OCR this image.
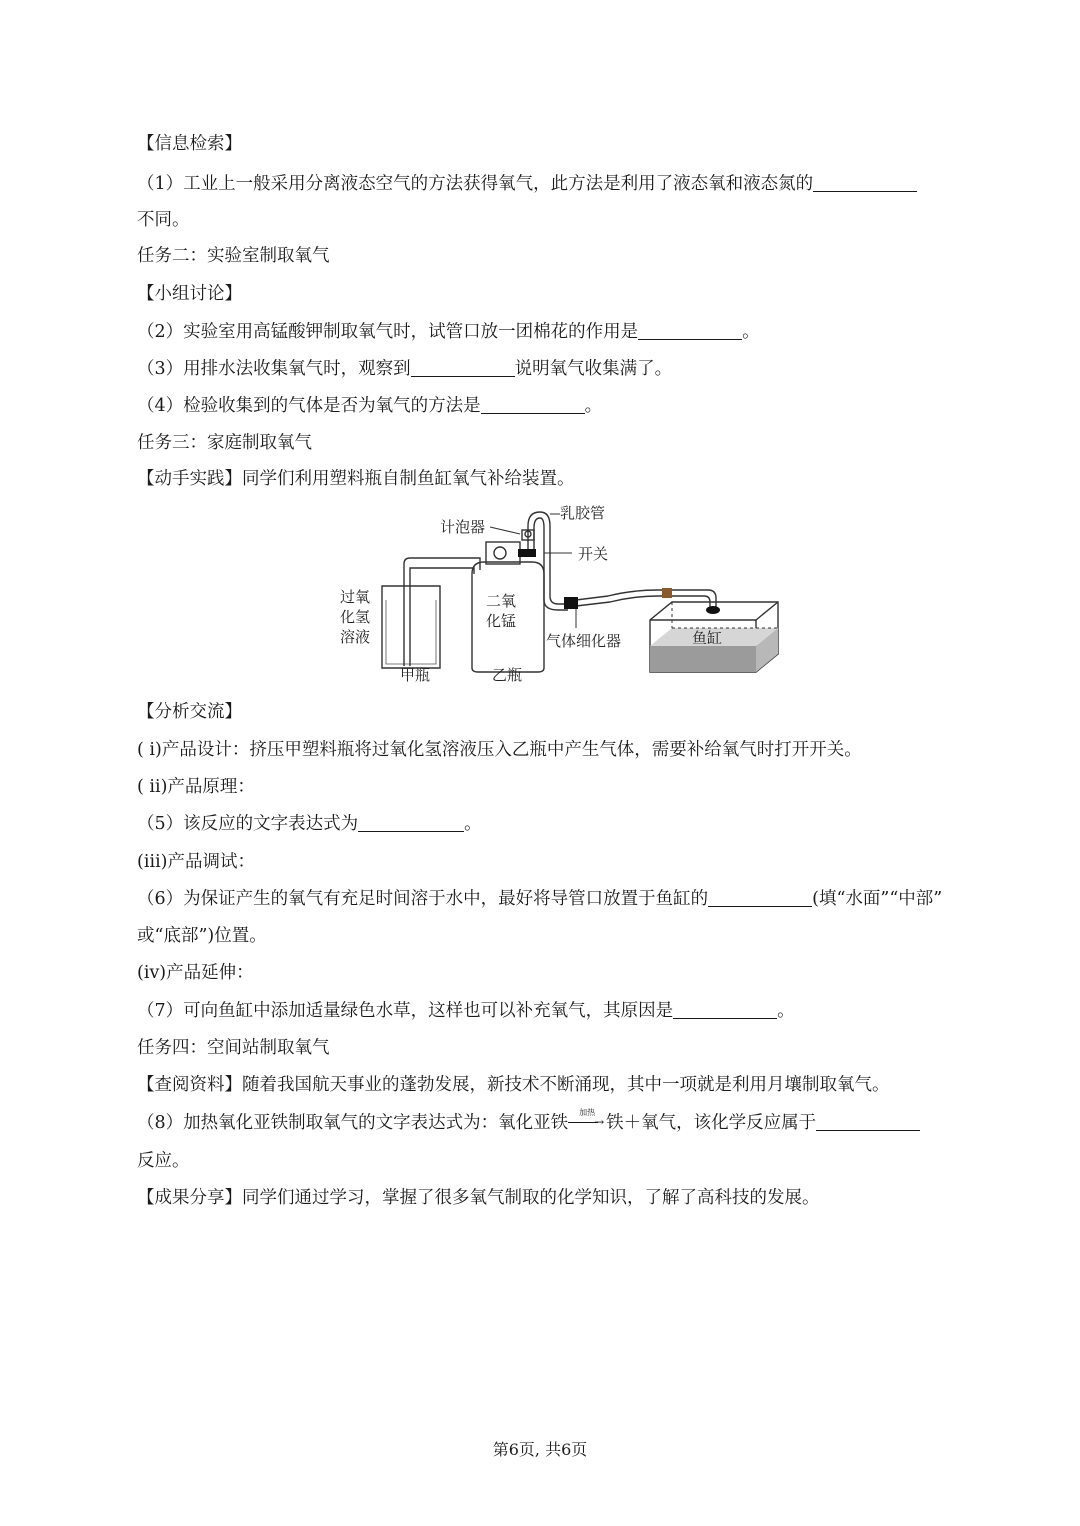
【信息检索】
（1）工业上一般采用分离液态空气的方法获得氧气，此方法是利用了液态氧和液态氮的
不同。
任务二：实验室制取氧气
【小组讨论】
（2）实验室用高锰酸钾制取氧气时，试管口放一团棉花的作用是	。
（3）用排水法收集氧气时，观察到	说明氧气收集满了。
（4）检验收集到的气体是否为氧气的方法是	。
任务三：家庭制取氧气
【动手实践】同学们利用塑料瓶自制鱼缸氧气补给装置。
计泡器
乳胶管
开关
过氧
化氢
溶液
二氧
化锰
甲瓶	乙瓶
气体细化器	鱼缸
【分析交流】
( ⅰ)产品设计：挤压甲塑料瓶将过氧化氢溶液压入乙瓶中产生气体，需要补给氧气时打开开关。
( ⅱ)产品原理：
（5）该反应的文字表达式为	。
(ⅲ)产品调试：
（6）为保证产生的氧气有充足时间溶于水中，最好将导管口放置于鱼缸的	(填“水面”“中部”
或“底部”)位置。
(ⅳ)产品延伸：
（7）可向鱼缸中添加适量绿色水草，这样也可以补充氧气，其原因是	。
任务四：空间站制取氧气
【查阅资料】随着我国航天事业的蓬勃发展，新技术不断涌现，其中一项就是利用月壤制取氧气。
（8）加热氧化亚铁制取氧气的文字表达式为：氧化亚铁
加热
→ 铁＋氧气，该化学反应属于
反应。
【成果分享】同学们通过学习，掌握了很多氧气制取的化学知识，了解了高科技的发展。
第6页, 共6页
